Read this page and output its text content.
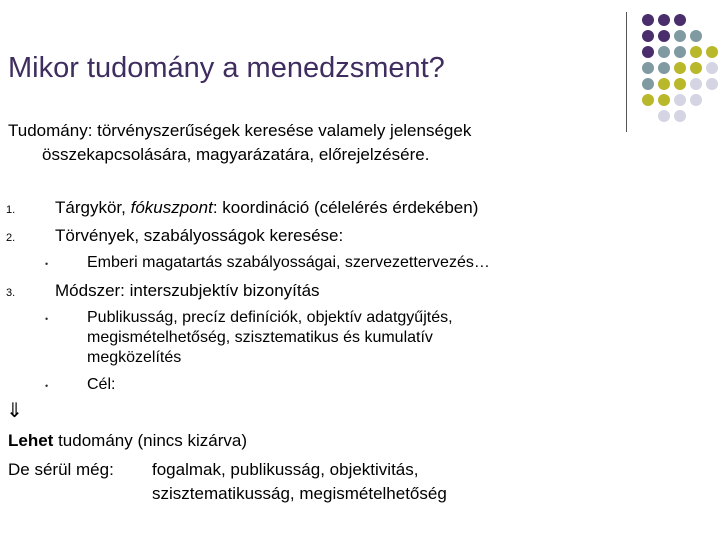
Mikor tudomány a menedzsment?
Tudomány: törvényszerűségek keresése valamely jelenségek
összekapcsolására, magyarázatára, előrejelzésére.
1. Tárgykör, fókuszpont: koordináció (célelérés érdekében)
2. Törvények, szabályosságok keresése:
• Emberi magatartás szabályosságai, szervezettervezés…
3. Módszer: interszubjektív bizonyítás
• Publikusság, precíz definíciók, objektív adatgyűjtés,
megismételhetőség, szisztematikus és kumulatív
megközelítés
• Cél:
⇓
Lehet tudomány (nincs kizárva)
De sérül még: fogalmak, publikusság, objektivitás,
szisztematikusság, megismételhetőség
